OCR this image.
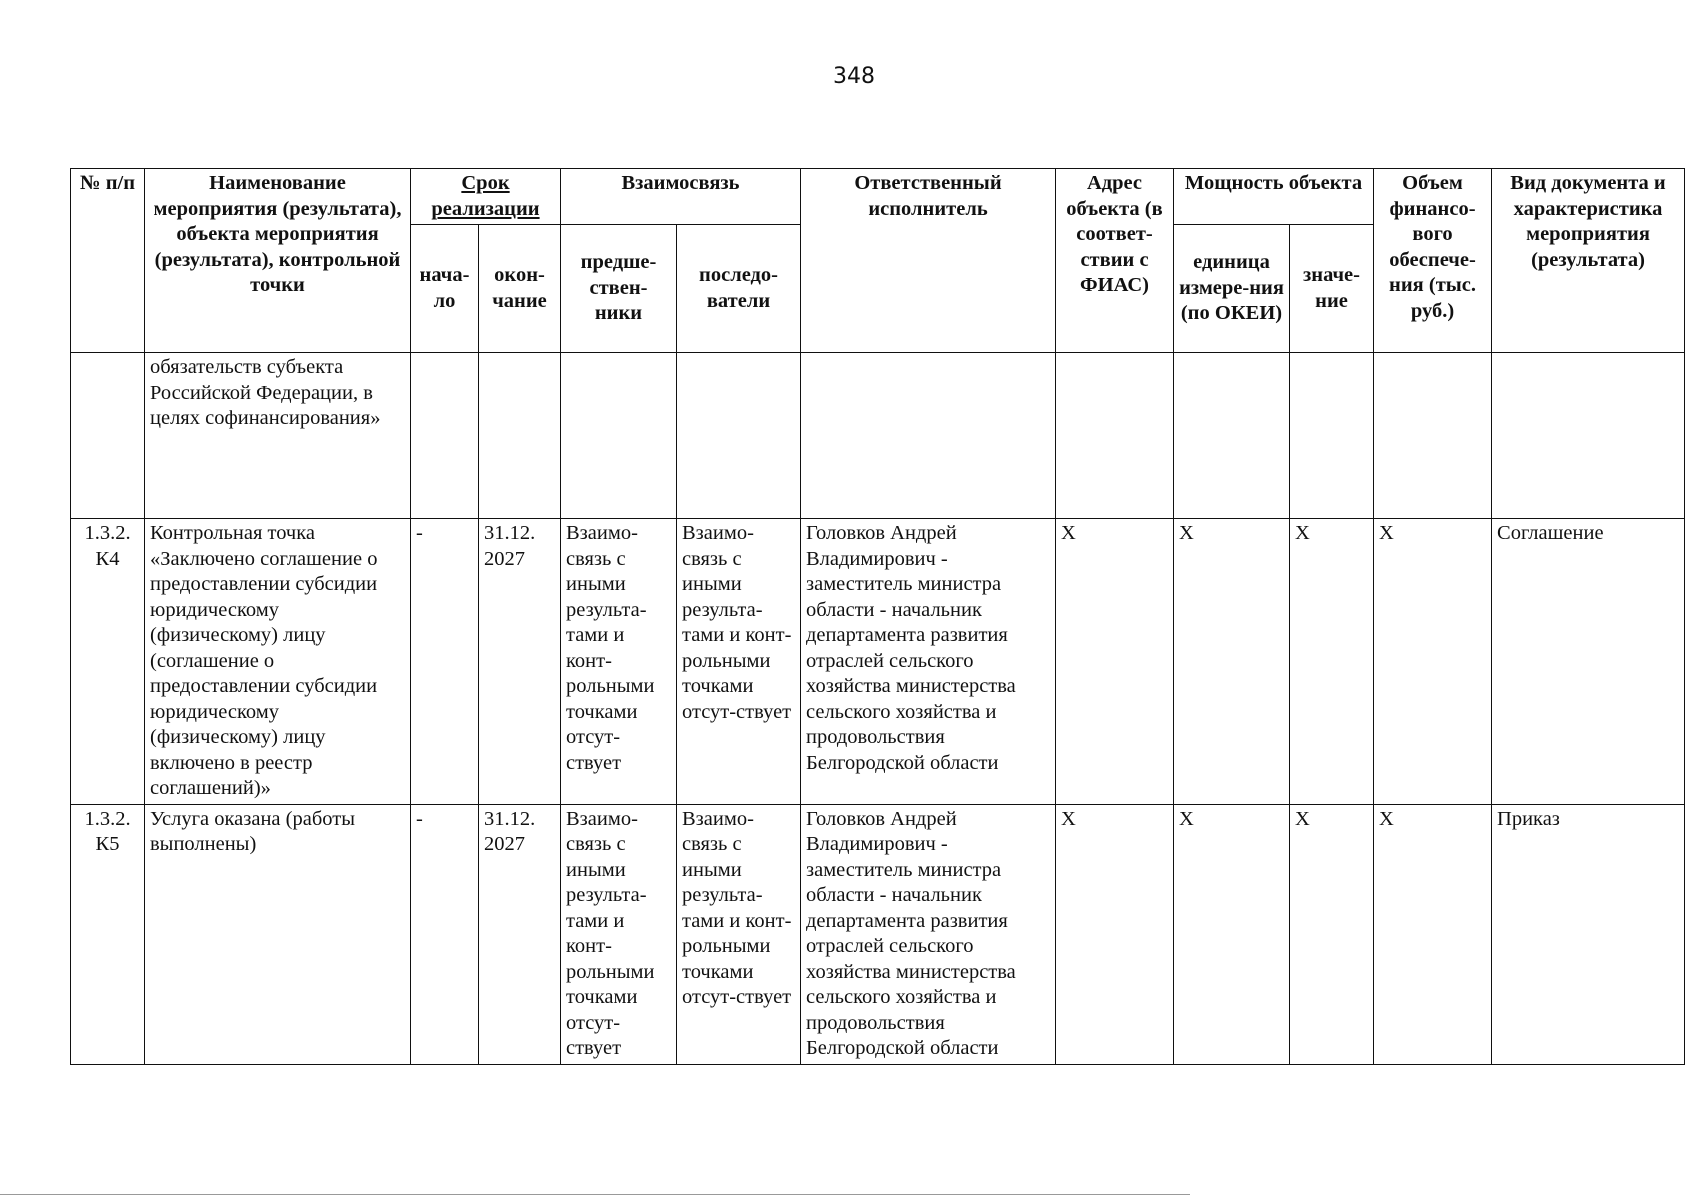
348
№ п/п	Наименование мероприятия (результата), объекта мероприятия (результата), контрольной точки	Срок реализации		Взаимосвязь		Ответственный исполнитель	Адрес объекта (в соответ-ствии с ФИАС)	Мощность объекта		Объем финансо-вого обеспече-ния (тыс. руб.)	Вид документа и характеристика мероприятия (результата)
		нача-ло	окон-чание	предше-ствен-ники	последо-ватели			единица измере-ния (по ОКЕИ)	значе-ние		
	обязательств субъекта Российской Федерации, в целях софинансирования»										
1.3.2. К4	Контрольная точка «Заключено соглашение о предоставлении субсидии юридическому (физическому) лицу (соглашение о предоставлении субсидии юридическому (физическому) лицу включено в реестр соглашений)»	-	31.12. 2027	Взаимо-связь с иными результа-тами и конт-рольными точками отсут-ствует	Взаимо-связь с иными результа-тами и конт-рольными точками отсут-ствует	Головков Андрей Владимирович - заместитель министра области - начальник департамента развития отраслей сельского хозяйства министерства сельского хозяйства и продовольствия Белгородской области	Х	Х	Х	Х	Соглашение
1.3.2. К5	Услуга оказана (работы выполнены)	-	31.12. 2027	Взаимо-связь с иными результа-тами и конт-рольными точками отсут-ствует	Взаимо-связь с иными результа-тами и конт-рольными точками отсут-ствует	Головков Андрей Владимирович - заместитель министра области - начальник департамента развития отраслей сельского хозяйства министерства сельского хозяйства и продовольствия Белгородской области	Х	Х	Х	Х	Приказ
